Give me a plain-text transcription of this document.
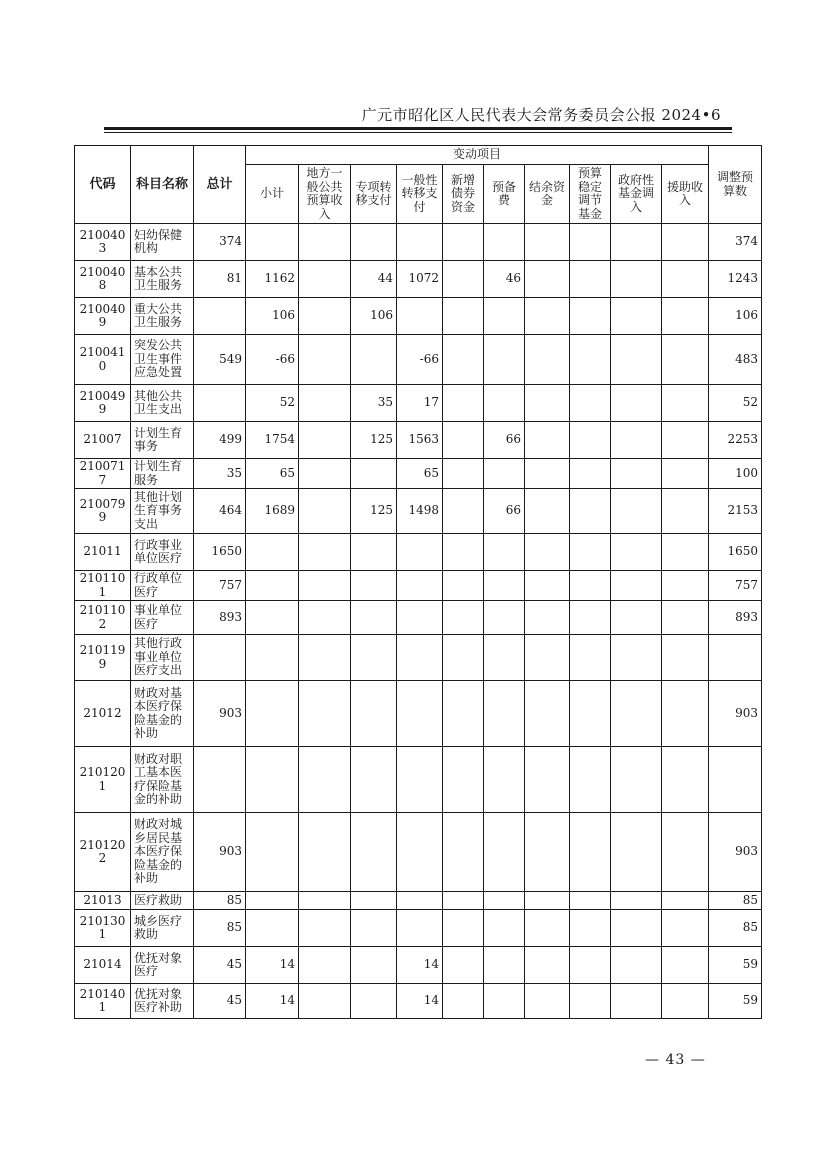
广元市昭化区人民代表大会常务委员会公报 2024•6
代码	科目名称	总计	变动项目										调整预算数
			小计	地方一般公共预算收入	专项转移支付	一般性转移支付	新增债券资金	预备费	结余资金	预算稳定调节基金	政府性基金调入	援助收入	
2100403	妇幼保健机构	374											374
2100408	基本公共卫生服务	81	1162		44	1072		46					1243
2100409	重大公共卫生服务		106		106								106
2100410	突发公共卫生事件应急处置	549	-66			-66							483
2100499	其他公共卫生支出		52		35	17							52
21007	计划生育事务	499	1754		125	1563		66					2253
2100717	计划生育服务	35	65			65							100
2100799	其他计划生育事务支出	464	1689		125	1498		66					2153
21011	行政事业单位医疗	1650											1650
2101101	行政单位医疗	757											757
2101102	事业单位医疗	893											893
2101199	其他行政事业单位医疗支出												
21012	财政对基本医疗保险基金的补助	903											903
2101201	财政对职工基本医疗保险基金的补助												
2101202	财政对城乡居民基本医疗保险基金的补助	903											903
21013	医疗救助	85											85
2101301	城乡医疗救助	85											85
21014	优抚对象医疗	45	14			14							59
2101401	优抚对象医疗补助	45	14			14							59
— 43 —
